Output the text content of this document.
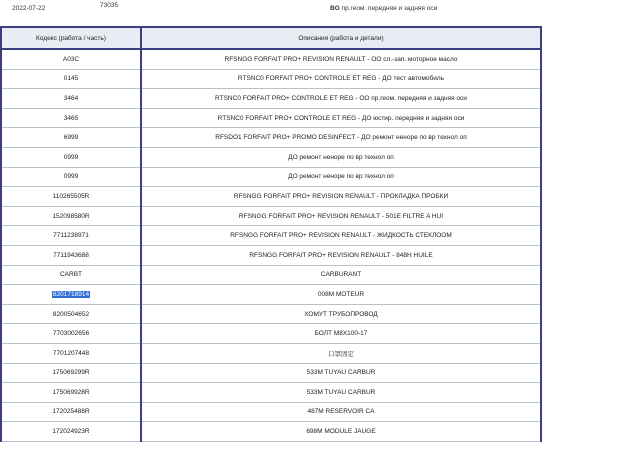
2022-07-22	73035	BG пр.геом. передняя и задняя оси
Кодекс (работа / часть)	Описания (работа и детали)
A03C	RFSNGG FORFAIT PRO+ REVISION RENAULT - ОО сл.-зап. моторное масло
0145	RTSNC0 FORFAIT PRO+ CONTROLE ET REG - ДО тест автомобиль
3464	RTSNC0 FORFAIT PRO+ CONTROLE ET REG - ОО пр.геом. передняя и задняя оси
3465	RTSNC0 FORFAIT PRO+ CONTROLE ET REG - ДО юстир. передняя и задняя оси
6999	RFSDO1 FORFAIT PRO+ PROMO DESINFECT - ДО ремонт неноре по вр технол оп
0999	ДО ремонт неноре по вр технол оп
0999	ДО ремонт неноре по вр технол оп
110265505R	RFSNGG FORFAIT PRO+ REVISION RENAULT - ПРОКЛАДКА ПРОБКИ
152098580R	RFSNGG FORFAIT PRO+ REVISION RENAULT - 501E FILTRE A HUI
7711238971	RFSNGG FORFAIT PRO+ REVISION RENAULT - ЖИДКОСТЬ СТЕКЛООМ
7711943688	RFSNGG FORFAIT PRO+ REVISION RENAULT - 848H HUILE
CARBT	CARBURANT
8201718914	008M MOTEUR
8200504652	ХОМУТ ТРУБОПРОВОД
7703002656	БОЛТ M8X100-17
7701207448	口罩固定
175069299R	533M TUYAU CARBUR
175069928R	533M TUYAU CARBUR
172025488R	487M RESERVOIR CA
172024923R	698M MODULE JAUGE
